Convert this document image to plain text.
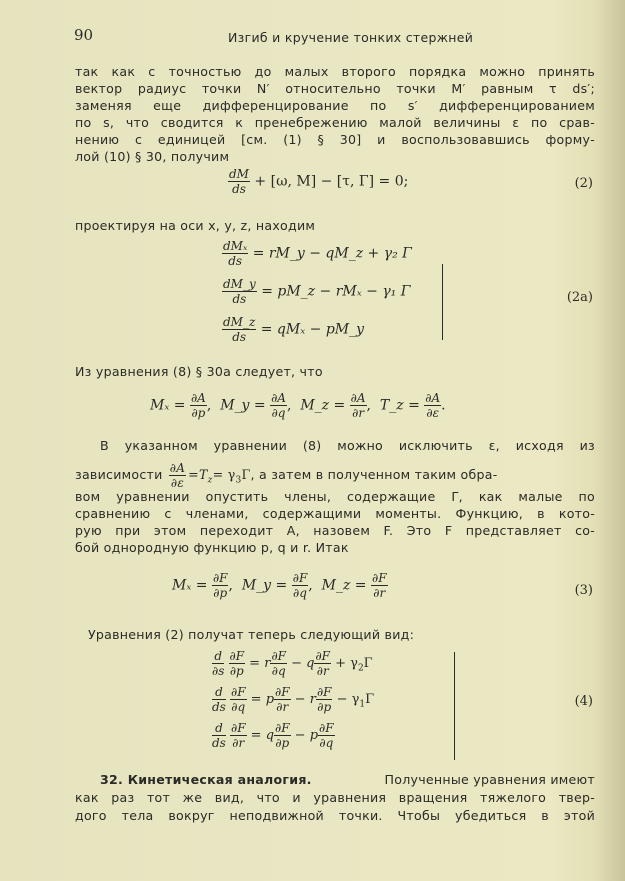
90	Изгиб и кручение тонких стержней
так как с точностью до малых второго порядка можно принять
вектор радиус точки N′ относительно точки M′ равным τ ds′;
заменяя еще дифференцирование по s′ дифференцированием
по s, что сводится к пренебрежению малой величины ε по срав-
нению с единицей [см. (1) § 30] и воспользовавшись форму-
лой (10) § 30, получим
$\frac{dM}{ds} + [\omega$, M] − [τ, Γ] = 0;	(2)
проектируя на оси x, y, z, находим
$\frac{\text{dMₓ}}{ds}$ = rM_y − qM_z + γ₂ Γ
$\frac{dM\_y}{ds}$ = pM_z − rMₓ − γ₁ Γ
$\frac{dM\_z}{ds} = qM_x$ − pM_y
(2a)
Из уравнения (8) § 30а следует, что
$M_x = \frac{\partial A}{\partial p}$ ,  M_y = $\frac{\partial A}{\partial q}$ ,  M_z = $\frac{\partial A}{\partial r}$ ,  T_z = $\frac{\partial A}{\partial\varepsilon}$ .
В указанном уравнении (8) можно исключить ε, исходя из
зависимости $\frac{\partial A}{\partial\varepsilon} =T_z= \gamma_3\Gamma$, а затем в полученном таким обра-
вом уравнении опустить члены, содержащие Γ, как малые по
сравнению с членами, содержащими моменты. Функцию, в кото-
рую при этом переходит A, назовем F. Это F представляет со-
бой однородную функцию p, q и r. Итак
$M_x = \frac{\partial F}{\partial p}$ ,  M_y = $\frac{\partial F}{\partial q}$ ,  M_z = $\frac{\partial F}{\partial r}$	(3)
Уравнения (2) получат теперь следующий вид:
$\frac{d}{\partial s}$
$\frac{\partial F}{\partial p} = r \frac{\partial F}{\partial q} - q \frac{\partial F}{\partial r} + \gamma_2\Gamma$
$\frac{d}{ds}$
$\frac{\partial F}{\partial q} = p \frac{\partial F}{\partial r} - r \frac{\partial F}{\partial p} - \gamma_1\Gamma$
$\frac{d}{ds}$
$\frac{\partial F}{\partial r} = q \frac{\partial F}{\partial p} - p \frac{\partial F}{\partial q}$
(4)
32. Кинетическая аналогия.	Полученные уравнения имеют
как раз тот же вид, что и уравнения вращения тяжелого твер-
дого тела вокруг неподвижной точки. Чтобы убедиться в этой
